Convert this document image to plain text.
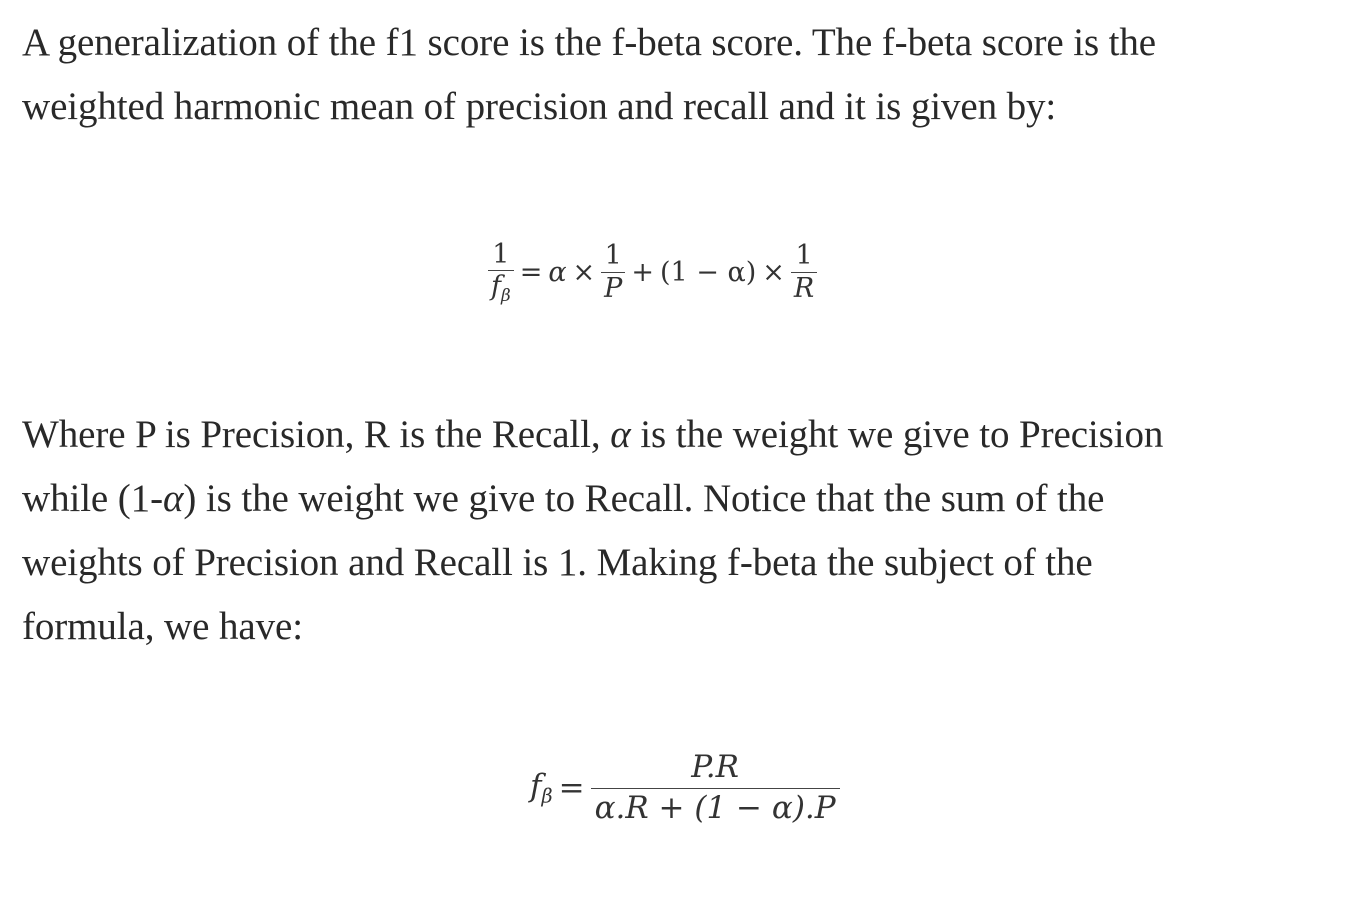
A generalization of the f1 score is the f-beta score. The f-beta score is the
weighted harmonic mean of precision and recall and it is given by:

$\frac{1}{f_\beta} = \alpha \times \frac{1}{P} + (1 - \alpha) \times \frac{1}{R}$

Where P is Precision, R is the Recall, α is the weight we give to Precision
while (1-α) is the weight we give to Recall. Notice that the sum of the
weights of Precision and Recall is 1. Making f-beta the subject of the
formula, we have:

$f_\beta = \frac{P.R}{\alpha.R + (1 - \alpha).P}$
